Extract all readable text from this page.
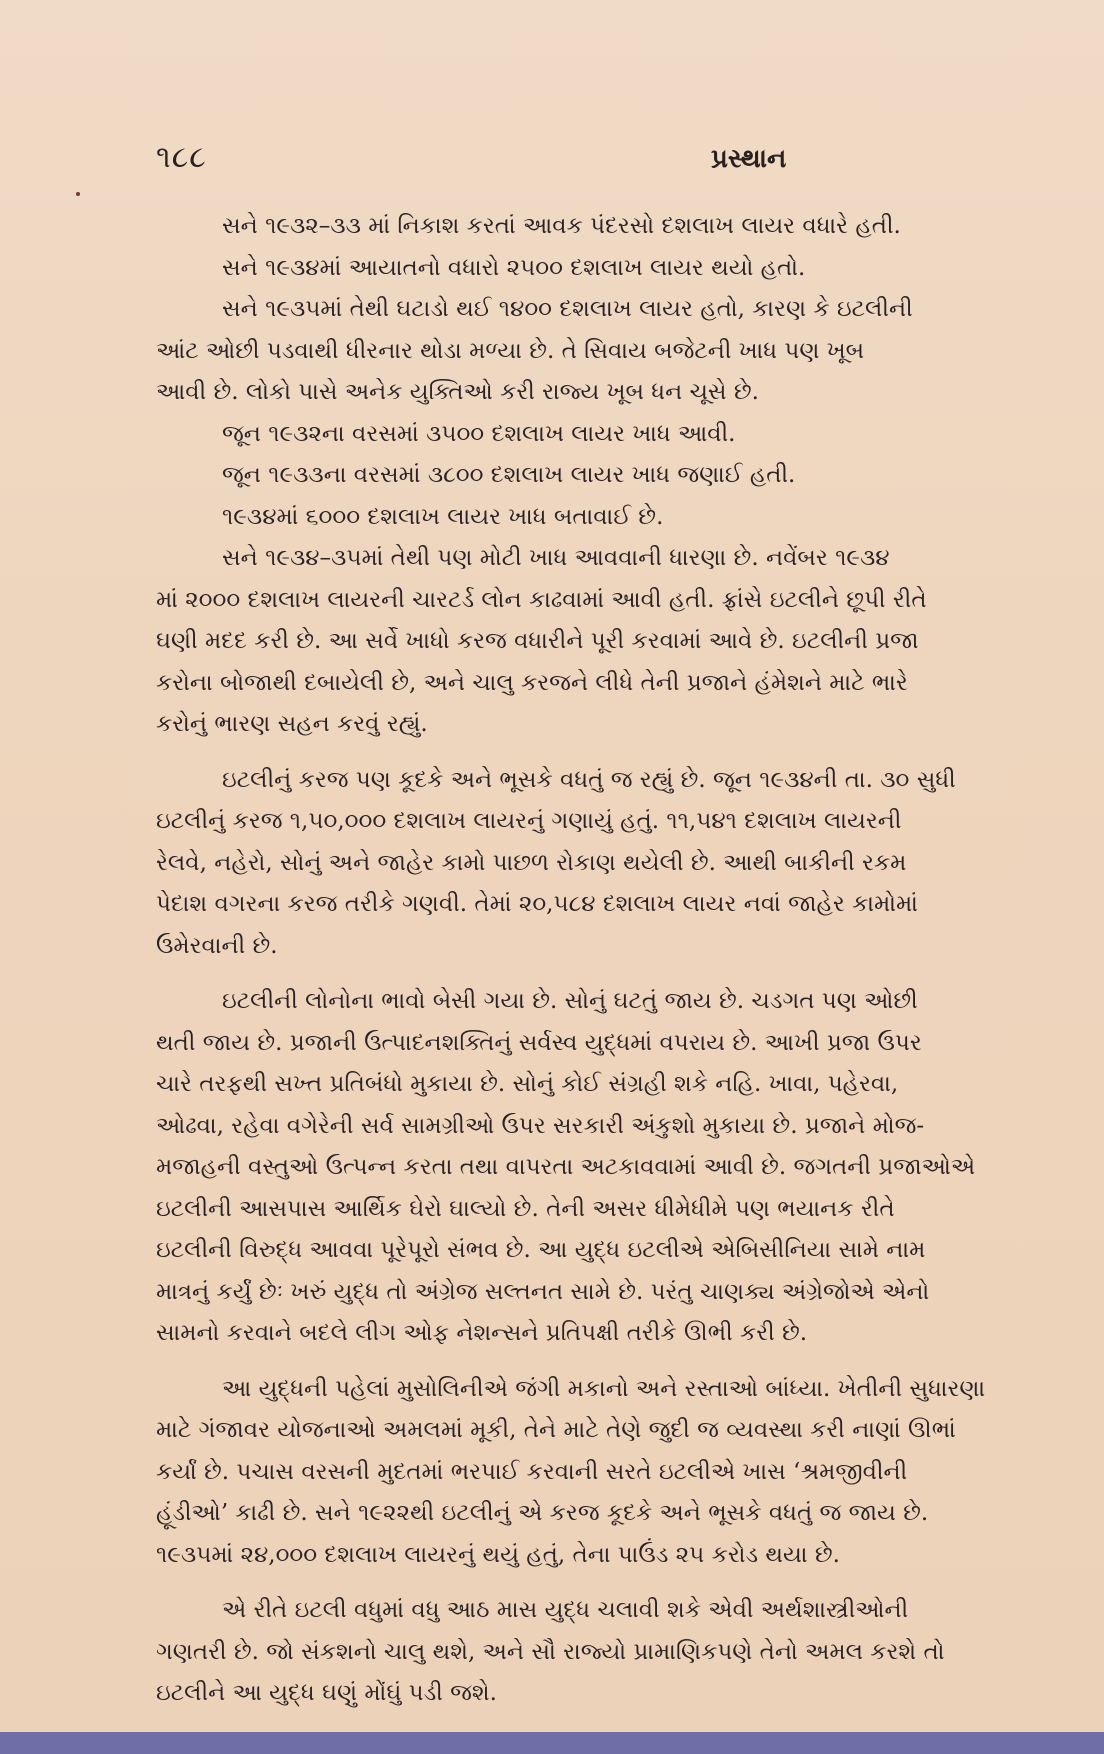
૧૮૮	પ્રસ્થાન
સને ૧૯૩૨–૩૩ માં નિકાશ કરતાં આવક પંદરસો દશલાખ લાયર વધારે હતી.
સને ૧૯૩૪માં આયાતનો વધારો ૨૫૦૦ દશલાખ લાયર થયો હતો.
સને ૧૯૩૫માં તેથી ઘટાડો થઈ ૧૪૦૦ દશલાખ લાયર હતો, કારણ કે ઇટલીની
આંટ ઓછી પડવાથી ધીરનાર થોડા મળ્યા છે. તે સિવાય બજેટની ખાધ પણ ખૂબ
આવી છે. લોકો પાસે અનેક યુક્તિઓ કરી રાજ્ય ખૂબ ધન ચૂસે છે.
જૂન ૧૯૩૨ના વરસમાં ૩૫૦૦ દશલાખ લાયર ખાધ આવી.
જૂન ૧૯૩૩ના વરસમાં ૩૮૦૦ દશલાખ લાયર ખાધ જણાઈ હતી.
૧૯૩૪માં ૬૦૦૦ દશલાખ લાયર ખાધ બતાવાઈ છે.
સને ૧૯૩૪–૩૫માં તેથી પણ મોટી ખાધ આવવાની ધારણા છે. નવેંબર ૧૯૩૪
માં ૨૦૦૦ દશલાખ લાયરની ચારટર્ડ લોન કાઢવામાં આવી હતી. ફ્રાંસે ઇટલીને છૂપી રીતે
ઘણી મદદ કરી છે. આ સર્વે ખાધો કરજ વધારીને પૂરી કરવામાં આવે છે. ઇટલીની પ્રજા
કરોના બોજાથી દબાયેલી છે, અને ચાલુ કરજને લીધે તેની પ્રજાને હંમેશને માટે ભારે
કરોનું ભારણ સહન કરવું રહ્યું.
ઇટલીનું કરજ પણ કૂદકે અને ભૂસકે વધતું જ રહ્યું છે. જૂન ૧૯૩૪ની તા. ૩૦ સુધી
ઇટલીનું કરજ ૧,૫૦,૦૦૦ દશલાખ લાયરનું ગણાયું હતું. ૧૧,૫૪૧ દશલાખ લાયરની
રેલવે, નહેરો, સોનું અને જાહેર કામો પાછળ રોકાણ થયેલી છે. આથી બાકીની રકમ
પેદાશ વગરના કરજ તરીકે ગણવી. તેમાં ૨૦,૫૮૪ દશલાખ લાયર નવાં જાહેર કામોમાં
ઉમેરવાની છે.
ઇટલીની લોનોના ભાવો બેસી ગયા છે. સોનું ઘટતું જાય છે. ચડગત પણ ઓછી
થતી જાય છે. પ્રજાની ઉત્પાદનશક્તિનું સર્વસ્વ યુદ્ધમાં વપરાય છે. આખી પ્રજા ઉપર
ચારે તરફથી સખ્ત પ્રતિબંધો મુકાયા છે. સોનું કોઈ સંગ્રહી શકે નહિ. ખાવા, પહેરવા,
ઓઢવા, રહેવા વગેરેની સર્વ સામગ્રીઓ ઉપર સરકારી અંકુશો મુકાયા છે. પ્રજાને મોજ-
મજાહની વસ્તુઓ ઉત્પન્ન કરતા તથા વાપરતા અટકાવવામાં આવી છે. જગતની પ્રજાઓએ
ઇટલીની આસપાસ આર્થિક ઘેરો ઘાલ્યો છે. તેની અસર ધીમેધીમે પણ ભયાનક રીતે
ઇટલીની વિરુદ્ધ આવવા પૂરેપૂરો સંભવ છે. આ યુદ્ધ ઇટલીએ એબિસીનિયા સામે નામ
માત્રનું કર્યું છેઃ ખરું યુદ્ધ તો અંગ્રેજ સલ્તનત સામે છે. પરંતુ ચાણક્ય અંગ્રેજોએ એનો
સામનો કરવાને બદલે લીગ ઓફ નેશન્સને પ્રતિપક્ષી તરીકે ઊભી કરી છે.
આ યુદ્ધની પહેલાં મુસોલિનીએ જંગી મકાનો અને રસ્તાઓ બાંધ્યા. ખેતીની સુધારણા
માટે ગંજાવર યોજનાઓ અમલમાં મૂકી, તેને માટે તેણે જુદી જ વ્યવસ્થા કરી નાણાં ઊભાં
કર્યાં છે. પચાસ વરસની મુદતમાં ભરપાઈ કરવાની સરતે ઇટલીએ ખાસ ‘શ્રમજીવીની
હૂંડીઓ’ કાઢી છે. સને ૧૯૨૨થી ઇટલીનું એ કરજ કૂદકે અને ભૂસકે વધતું જ જાય છે.
૧૯૩૫માં ૨૪,૦૦૦ દશલાખ લાયરનું થયું હતું, તેના પાઉંડ ૨૫ કરોડ થયા છે.
એ રીતે ઇટલી વધુમાં વધુ આઠ માસ યુદ્ધ ચલાવી શકે એવી અર્થશાસ્ત્રીઓની
ગણતરી છે. જો સંકશનો ચાલુ થશે, અને સૌ રાજ્યો પ્રામાણિકપણે તેનો અમલ કરશે તો
ઇટલીને આ યુદ્ધ ઘણું મોંઘું પડી જશે.
